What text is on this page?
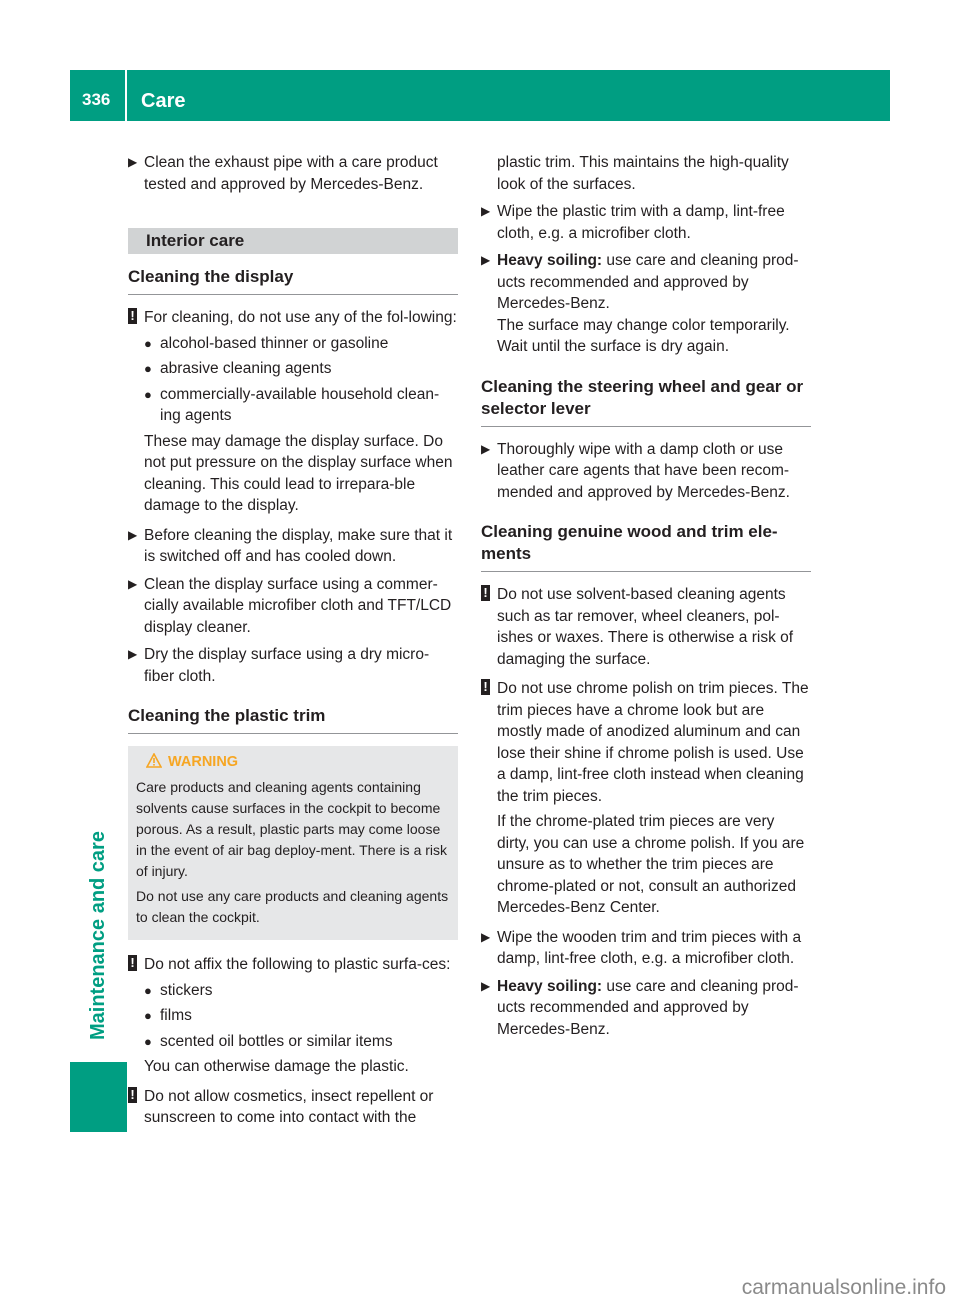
336 Care
Maintenance and care
▶ Clean the exhaust pipe with a care product tested and approved by Mercedes-Benz.
Interior care
Cleaning the display
! For cleaning, do not use any of the fol-lowing:
● alcohol-based thinner or gasoline
● abrasive cleaning agents
● commercially-available household clean-ing agents
These may damage the display surface. Do not put pressure on the display surface when cleaning. This could lead to irrepara-ble damage to the display.
▶ Before cleaning the display, make sure that it is switched off and has cooled down.
▶ Clean the display surface using a commer-cially available microfiber cloth and TFT/LCD display cleaner.
▶ Dry the display surface using a dry micro-fiber cloth.
Cleaning the plastic trim
WARNING

Care products and cleaning agents containing solvents cause surfaces in the cockpit to become porous. As a result, plastic parts may come loose in the event of air bag deploy-ment. There is a risk of injury.

Do not use any care products and cleaning agents to clean the cockpit.

! Do not affix the following to plastic surfa-ces:
● stickers
● films
● scented oil bottles or similar items
You can otherwise damage the plastic.
! Do not allow cosmetics, insect repellent or sunscreen to come into contact with the
plastic trim. This maintains the high-quality look of the surfaces.
▶ Wipe the plastic trim with a damp, lint-free cloth, e.g. a microfiber cloth.
▶ Heavy soiling: use care and cleaning prod-ucts recommended and approved by Mercedes-Benz.
The surface may change color temporarily. Wait until the surface is dry again.
Cleaning the steering wheel and gear or selector lever
▶ Thoroughly wipe with a damp cloth or use leather care agents that have been recom-mended and approved by Mercedes-Benz.
Cleaning genuine wood and trim ele-ments
! Do not use solvent-based cleaning agents such as tar remover, wheel cleaners, pol-ishes or waxes. There is otherwise a risk of damaging the surface.
! Do not use chrome polish on trim pieces. The trim pieces have a chrome look but are mostly made of anodized aluminum and can lose their shine if chrome polish is used. Use a damp, lint-free cloth instead when cleaning the trim pieces.
If the chrome-plated trim pieces are very dirty, you can use a chrome polish. If you are unsure as to whether the trim pieces are chrome-plated or not, consult an authorized Mercedes-Benz Center.
▶ Wipe the wooden trim and trim pieces with a damp, lint-free cloth, e.g. a microfiber cloth.
▶ Heavy soiling: use care and cleaning prod-ucts recommended and approved by Mercedes-Benz.
carmanualsonline.info
